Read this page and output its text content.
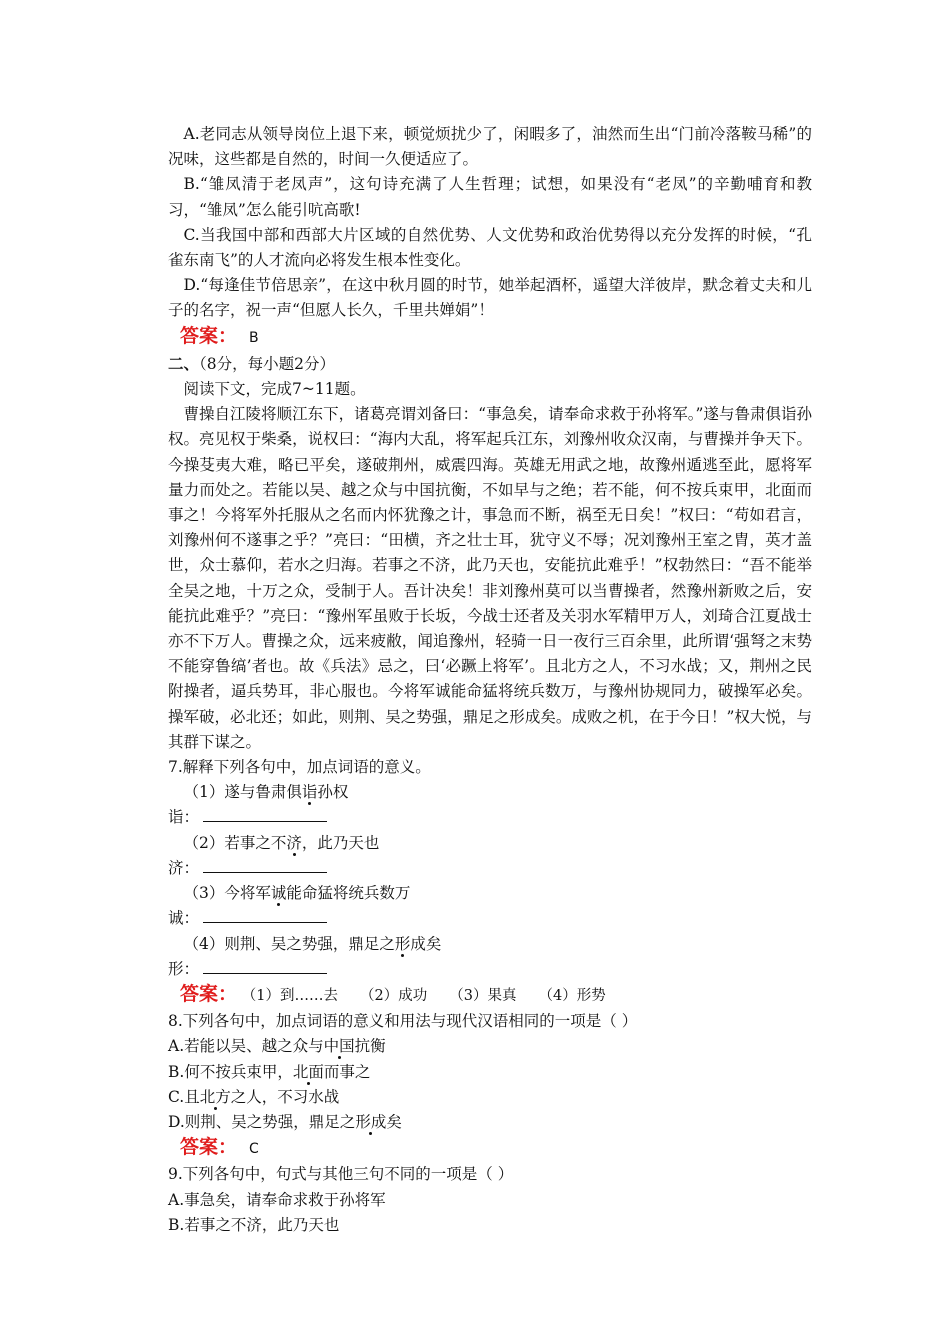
A.老同志从领导岗位上退下来，顿觉烦扰少了，闲暇多了，油然而生出“门前冷落鞍马稀”的况味，这些都是自然的，时间一久便适应了。

B.“雏凤清于老凤声”，这句诗充满了人生哲理；试想，如果没有“老凤”的辛勤哺育和教习，“雏凤”怎么能引吭高歌!

C.当我国中部和西部大片区域的自然优势、人文优势和政治优势得以充分发挥的时候，“孔雀东南飞”的人才流向必将发生根本性变化。

D.“每逢佳节倍思亲”，在这中秋月圆的时节，她举起酒杯，遥望大洋彼岸，默念着丈夫和儿子的名字，祝一声“但愿人长久，千里共婵娟”！

答案： B

二、（8分，每小题2分）

阅读下文，完成7~11题。

曹操自江陵将顺江东下，诸葛亮谓刘备曰：“事急矣，请奉命求救于孙将军。”遂与鲁肃俱诣孙权。亮见权于柴桑，说权曰：“海内大乱，将军起兵江东，刘豫州收众汉南，与曹操并争天下。今操芟夷大难，略已平矣，遂破荆州，威震四海。英雄无用武之地，故豫州遁逃至此，愿将军量力而处之。若能以吴、越之众与中国抗衡，不如早与之绝；若不能，何不按兵束甲，北面而事之！今将军外托服从之名而内怀犹豫之计，事急而不断，祸至无日矣！”权曰：“苟如君言，刘豫州何不遂事之乎？”亮曰：“田横，齐之壮士耳，犹守义不辱；况刘豫州王室之胄，英才盖世，众士慕仰，若水之归海。若事之不济，此乃天也，安能抗此难乎！”权勃然曰：“吾不能举全吴之地，十万之众，受制于人。吾计决矣！非刘豫州莫可以当曹操者，然豫州新败之后，安能抗此难乎？”亮曰：“豫州军虽败于长坂，今战士还者及关羽水军精甲万人，刘琦合江夏战士亦不下万人。曹操之众，远来疲敝，闻追豫州，轻骑一日一夜行三百余里，此所谓‘强弩之末势不能穿鲁缟’者也。故《兵法》忌之，曰‘必蹶上将军’。且北方之人，不习水战；又，荆州之民附操者，逼兵势耳，非心服也。今将军诚能命猛将统兵数万，与豫州协规同力，破操军必矣。操军破，必北还；如此，则荆、吴之势强，鼎足之形成矣。成败之机，在于今日！”权大悦，与其群下谋之。

7.解释下列各句中，加点词语的意义。

（1）遂与鲁肃俱诣孙权

诣：

（2）若事之不济，此乃天也

济：

（3）今将军诚能命猛将统兵数万

诚：

（4）则荆、吴之势强，鼎足之形成矣

形：

答案： （1）到……去 （2）成功 （3）果真 （4）形势

8.下列各句中，加点词语的意义和用法与现代汉语相同的一项是（ ）

A.若能以吴、越之众与中国抗衡

B.何不按兵束甲，北面而事之

C.且北方之人，不习水战

D.则荆、吴之势强，鼎足之形成矣

答案： C

9.下列各句中，句式与其他三句不同的一项是（ ）

A.事急矣，请奉命求救于孙将军

B.若事之不济，此乃天也
